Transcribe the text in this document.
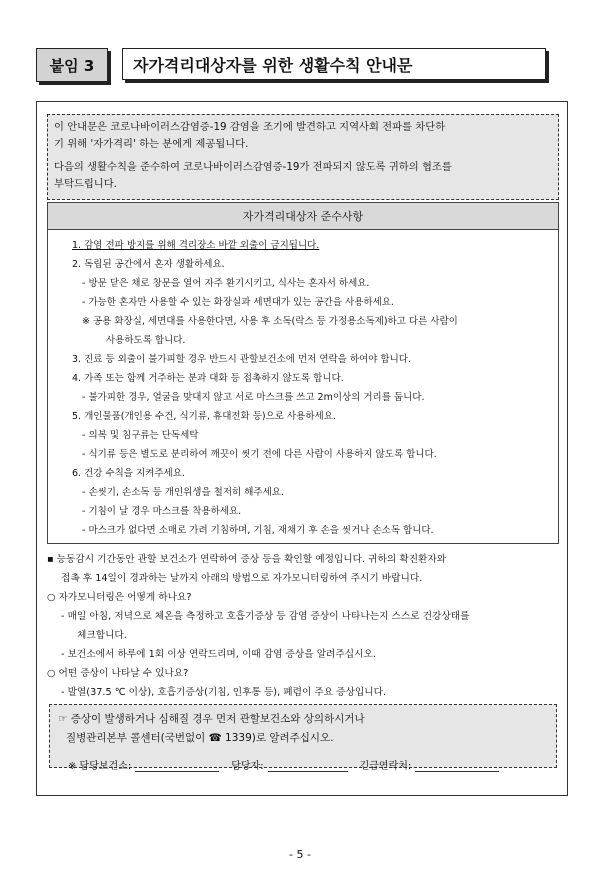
붙임 3	자가격리대상자를 위한 생활수칙 안내문

이 안내문은 코로나바이러스감염증-19 감염을 조기에 발견하고 지역사회 전파를 차단하
기 위해 '자가격리' 하는 분에게 제공됩니다.

다음의 생활수칙을 준수하여 코로나바이러스감염증-19가 전파되지 않도록 귀하의 협조를
부탁드립니다.

자가격리대상자 준수사항
1. 감염 전파 방지를 위해 격리장소 바깥 외출이 금지됩니다.
2. 독립된 공간에서 혼자 생활하세요.
- 방문 닫은 채로 창문을 열어 자주 환기시키고, 식사는 혼자서 하세요.
- 가능한 혼자만 사용할 수 있는 화장실과 세면대가 있는 공간을 사용하세요.
※ 공용 화장실, 세면대를 사용한다면, 사용 후 소독(락스 등 가정용소독제)하고 다른 사람이
사용하도록 합니다.
3. 진료 등 외출이 불가피할 경우 반드시 관할보건소에 먼저 연락을 하여야 합니다.
4. 가족 또는 함께 거주하는 분과 대화 등 접촉하지 않도록 합니다.
- 불가피한 경우, 얼굴을 맞대지 않고 서로 마스크를 쓰고 2m이상의 거리를 둡니다.
5. 개인물품(개인용 수건, 식기류, 휴대전화 등)으로 사용하세요.
- 의복 및 침구류는 단독세탁
- 식기류 등은 별도로 분리하여 깨끗이 씻기 전에 다른 사람이 사용하지 않도록 합니다.
6. 건강 수칙을 지켜주세요.
- 손씻기, 손소독 등 개인위생을 철저히 해주세요.
- 기침이 날 경우 마스크를 착용하세요.
- 마스크가 없다면 소매로 가려 기침하며, 기침, 재채기 후 손을 씻거나 손소독 합니다.
▪ 능동감시 기간동안 관할 보건소가 연락하여 증상 등을 확인할 예정입니다. 귀하의 확진환자와
접촉 후 14일이 경과하는 날까지 아래의 방법으로 자가모니터링하여 주시기 바랍니다.
○ 자가모니터링은 어떻게 하나요?
- 매일 아침, 저녁으로 체온을 측정하고 호흡기증상 등 감염 증상이 나타나는지 스스로 건강상태를
체크합니다.
- 보건소에서 하루에 1회 이상 연락드리며, 이때 감염 증상을 알려주십시오.
○ 어떤 증상이 나타날 수 있나요?
- 발열(37.5 ℃ 이상), 호흡기증상(기침, 인후통 등), 폐렴이 주요 증상입니다.
☞ 증상이 발생하거나 심해질 경우 먼저 관할보건소와 상의하시거나
질병관리본부 콜센터(국번없이 ☎ 1339)로 알려주십시오.
※ 담당보건소:	담당자:	긴급연락처:
- 5 -
